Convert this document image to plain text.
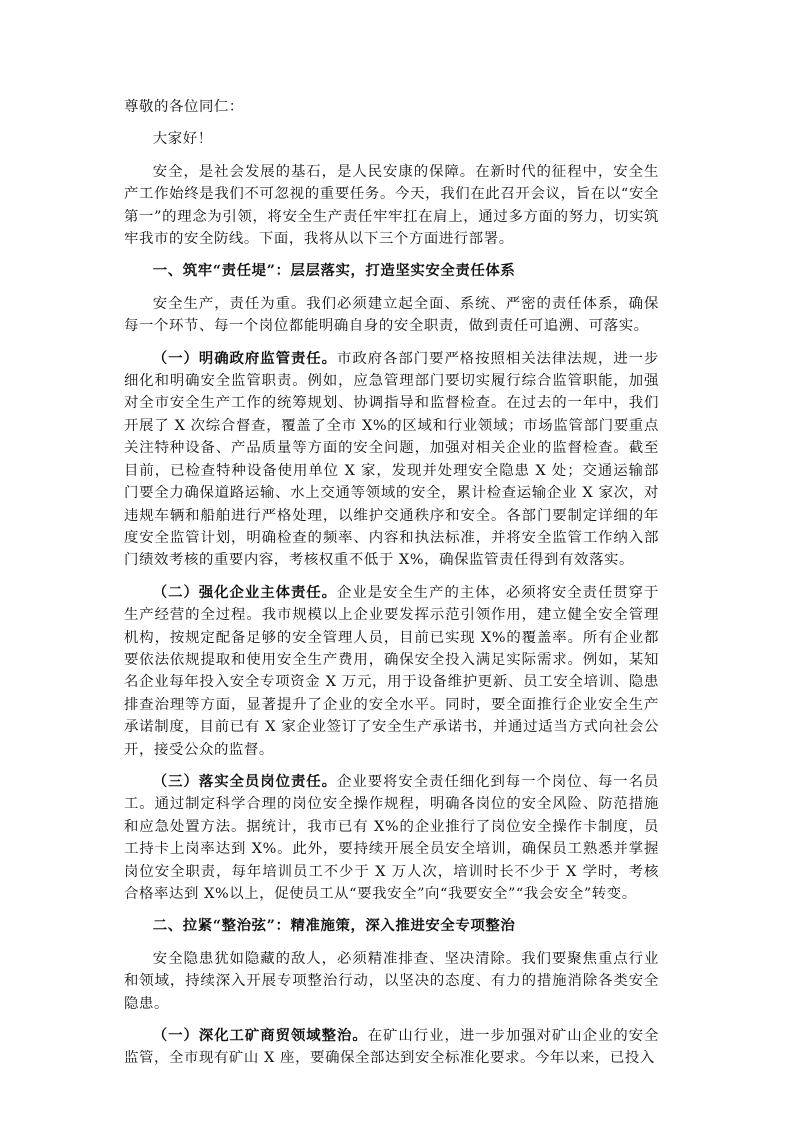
尊敬的各位同仁：

大家好！

安全，是社会发展的基石，是人民安康的保障。在新时代的征程中，安全生产工作始终是我们不可忽视的重要任务。今天，我们在此召开会议，旨在以“安全第一”的理念为引领，将安全生产责任牢牢扛在肩上，通过多方面的努力，切实筑牢我市的安全防线。下面，我将从以下三个方面进行部署。

一、筑牢“责任堤”：层层落实，打造坚实安全责任体系

安全生产，责任为重。我们必须建立起全面、系统、严密的责任体系，确保每一个环节、每一个岗位都能明确自身的安全职责，做到责任可追溯、可落实。

（一）明确政府监管责任。市政府各部门要严格按照相关法律法规，进一步细化和明确安全监管职责。例如，应急管理部门要切实履行综合监管职能，加强对全市安全生产工作的统筹规划、协调指导和监督检查。在过去的一年中，我们开展了 X 次综合督查，覆盖了全市 X%的区域和行业领域；市场监管部门要重点关注特种设备、产品质量等方面的安全问题，加强对相关企业的监督检查。截至目前，已检查特种设备使用单位 X 家，发现并处理安全隐患 X 处；交通运输部门要全力确保道路运输、水上交通等领域的安全，累计检查运输企业 X 家次，对违规车辆和船舶进行严格处理，以维护交通秩序和安全。各部门要制定详细的年度安全监管计划，明确检查的频率、内容和执法标准，并将安全监管工作纳入部门绩效考核的重要内容，考核权重不低于 X%，确保监管责任得到有效落实。

（二）强化企业主体责任。企业是安全生产的主体，必须将安全责任贯穿于生产经营的全过程。我市规模以上企业要发挥示范引领作用，建立健全安全管理机构，按规定配备足够的安全管理人员，目前已实现 X%的覆盖率。所有企业都要依法依规提取和使用安全生产费用，确保安全投入满足实际需求。例如，某知名企业每年投入安全专项资金 X 万元，用于设备维护更新、员工安全培训、隐患排查治理等方面，显著提升了企业的安全水平。同时，要全面推行企业安全生产承诺制度，目前已有 X 家企业签订了安全生产承诺书，并通过适当方式向社会公开，接受公众的监督。

（三）落实全员岗位责任。企业要将安全责任细化到每一个岗位、每一名员工。通过制定科学合理的岗位安全操作规程，明确各岗位的安全风险、防范措施和应急处置方法。据统计，我市已有 X%的企业推行了岗位安全操作卡制度，员工持卡上岗率达到 X%。此外，要持续开展全员安全培训，确保员工熟悉并掌握岗位安全职责，每年培训员工不少于 X 万人次，培训时长不少于 X 学时，考核合格率达到 X%以上，促使员工从“要我安全”向“我要安全”“我会安全”转变。

二、拉紧“整治弦”：精准施策，深入推进安全专项整治

安全隐患犹如隐藏的敌人，必须精准排查、坚决清除。我们要聚焦重点行业和领域，持续深入开展专项整治行动，以坚决的态度、有力的措施消除各类安全隐患。

（一）深化工矿商贸领域整治。在矿山行业，进一步加强对矿山企业的安全监管，全市现有矿山 X 座，要确保全部达到安全标准化要求。今年以来，已投入
